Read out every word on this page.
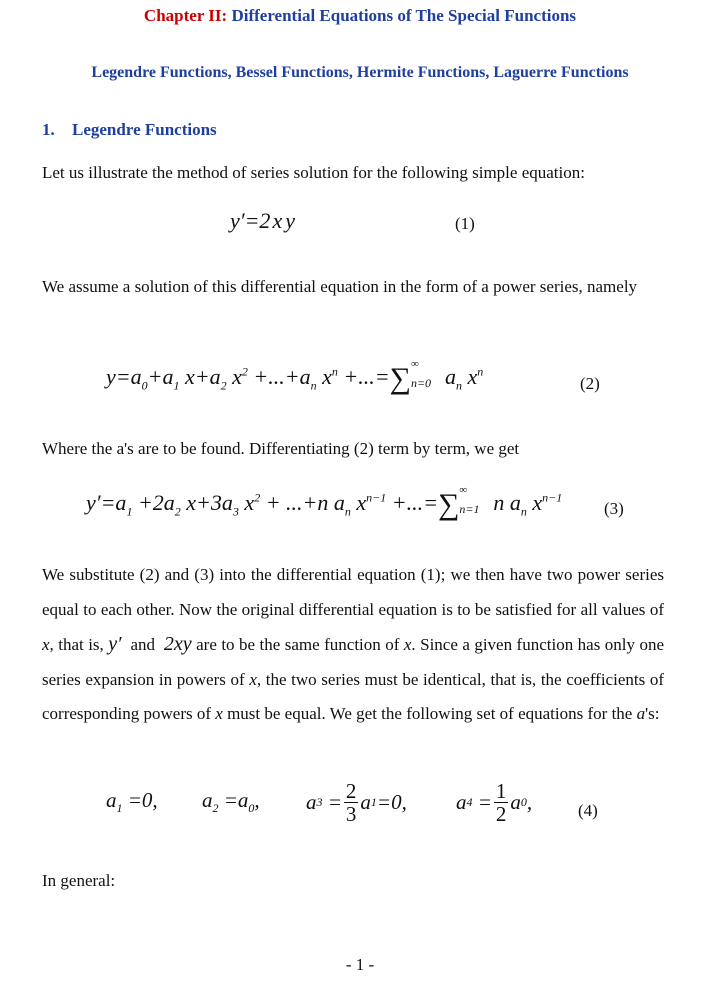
Chapter II: Differential Equations of The Special Functions
Legendre Functions, Bessel Functions, Hermite Functions, Laguerre Functions
1. Legendre Functions
Let us illustrate the method of series solution for the following simple equation:
y′=2x y	(1)
We assume a solution of this differential equation in the form of a power series, namely
$y=a_0+a_1$ $x+a_2$ $x^2 +...+a_n$ $x^n$ +...=∑ ∞
n=0 $a_n$ $x^n$
(2)
Where the a's are to be found. Differentiating (2) term by term, we get
$y'=a_1 +2a_2$ $x+3a_3$ $x^2 + ...+n$ $a_n$ $x^{n-1}$ +...=∑ ∞
n=1 n $a_n$ $x^{n-1}$
(3)
We substitute (2) and (3) into the differential equation (1); we then have two power series equal to each other. Now the original differential equation is to be satisfied for all values of x, that is, y′ and 2xy are to be the same function of x. Since a given function has only one series expansion in powers of x, the two series must be identical, that is, the coefficients of corresponding powers of x must be equal. We get the following set of equations for the a's:
$a_1 =0$,	$a_2 =a_0$,	a $3 = \frac{2}{3}$ a 1 =0,	a $4 = \frac{1}{2}$ a 0 ,	(4)
In general:
- 1 -
